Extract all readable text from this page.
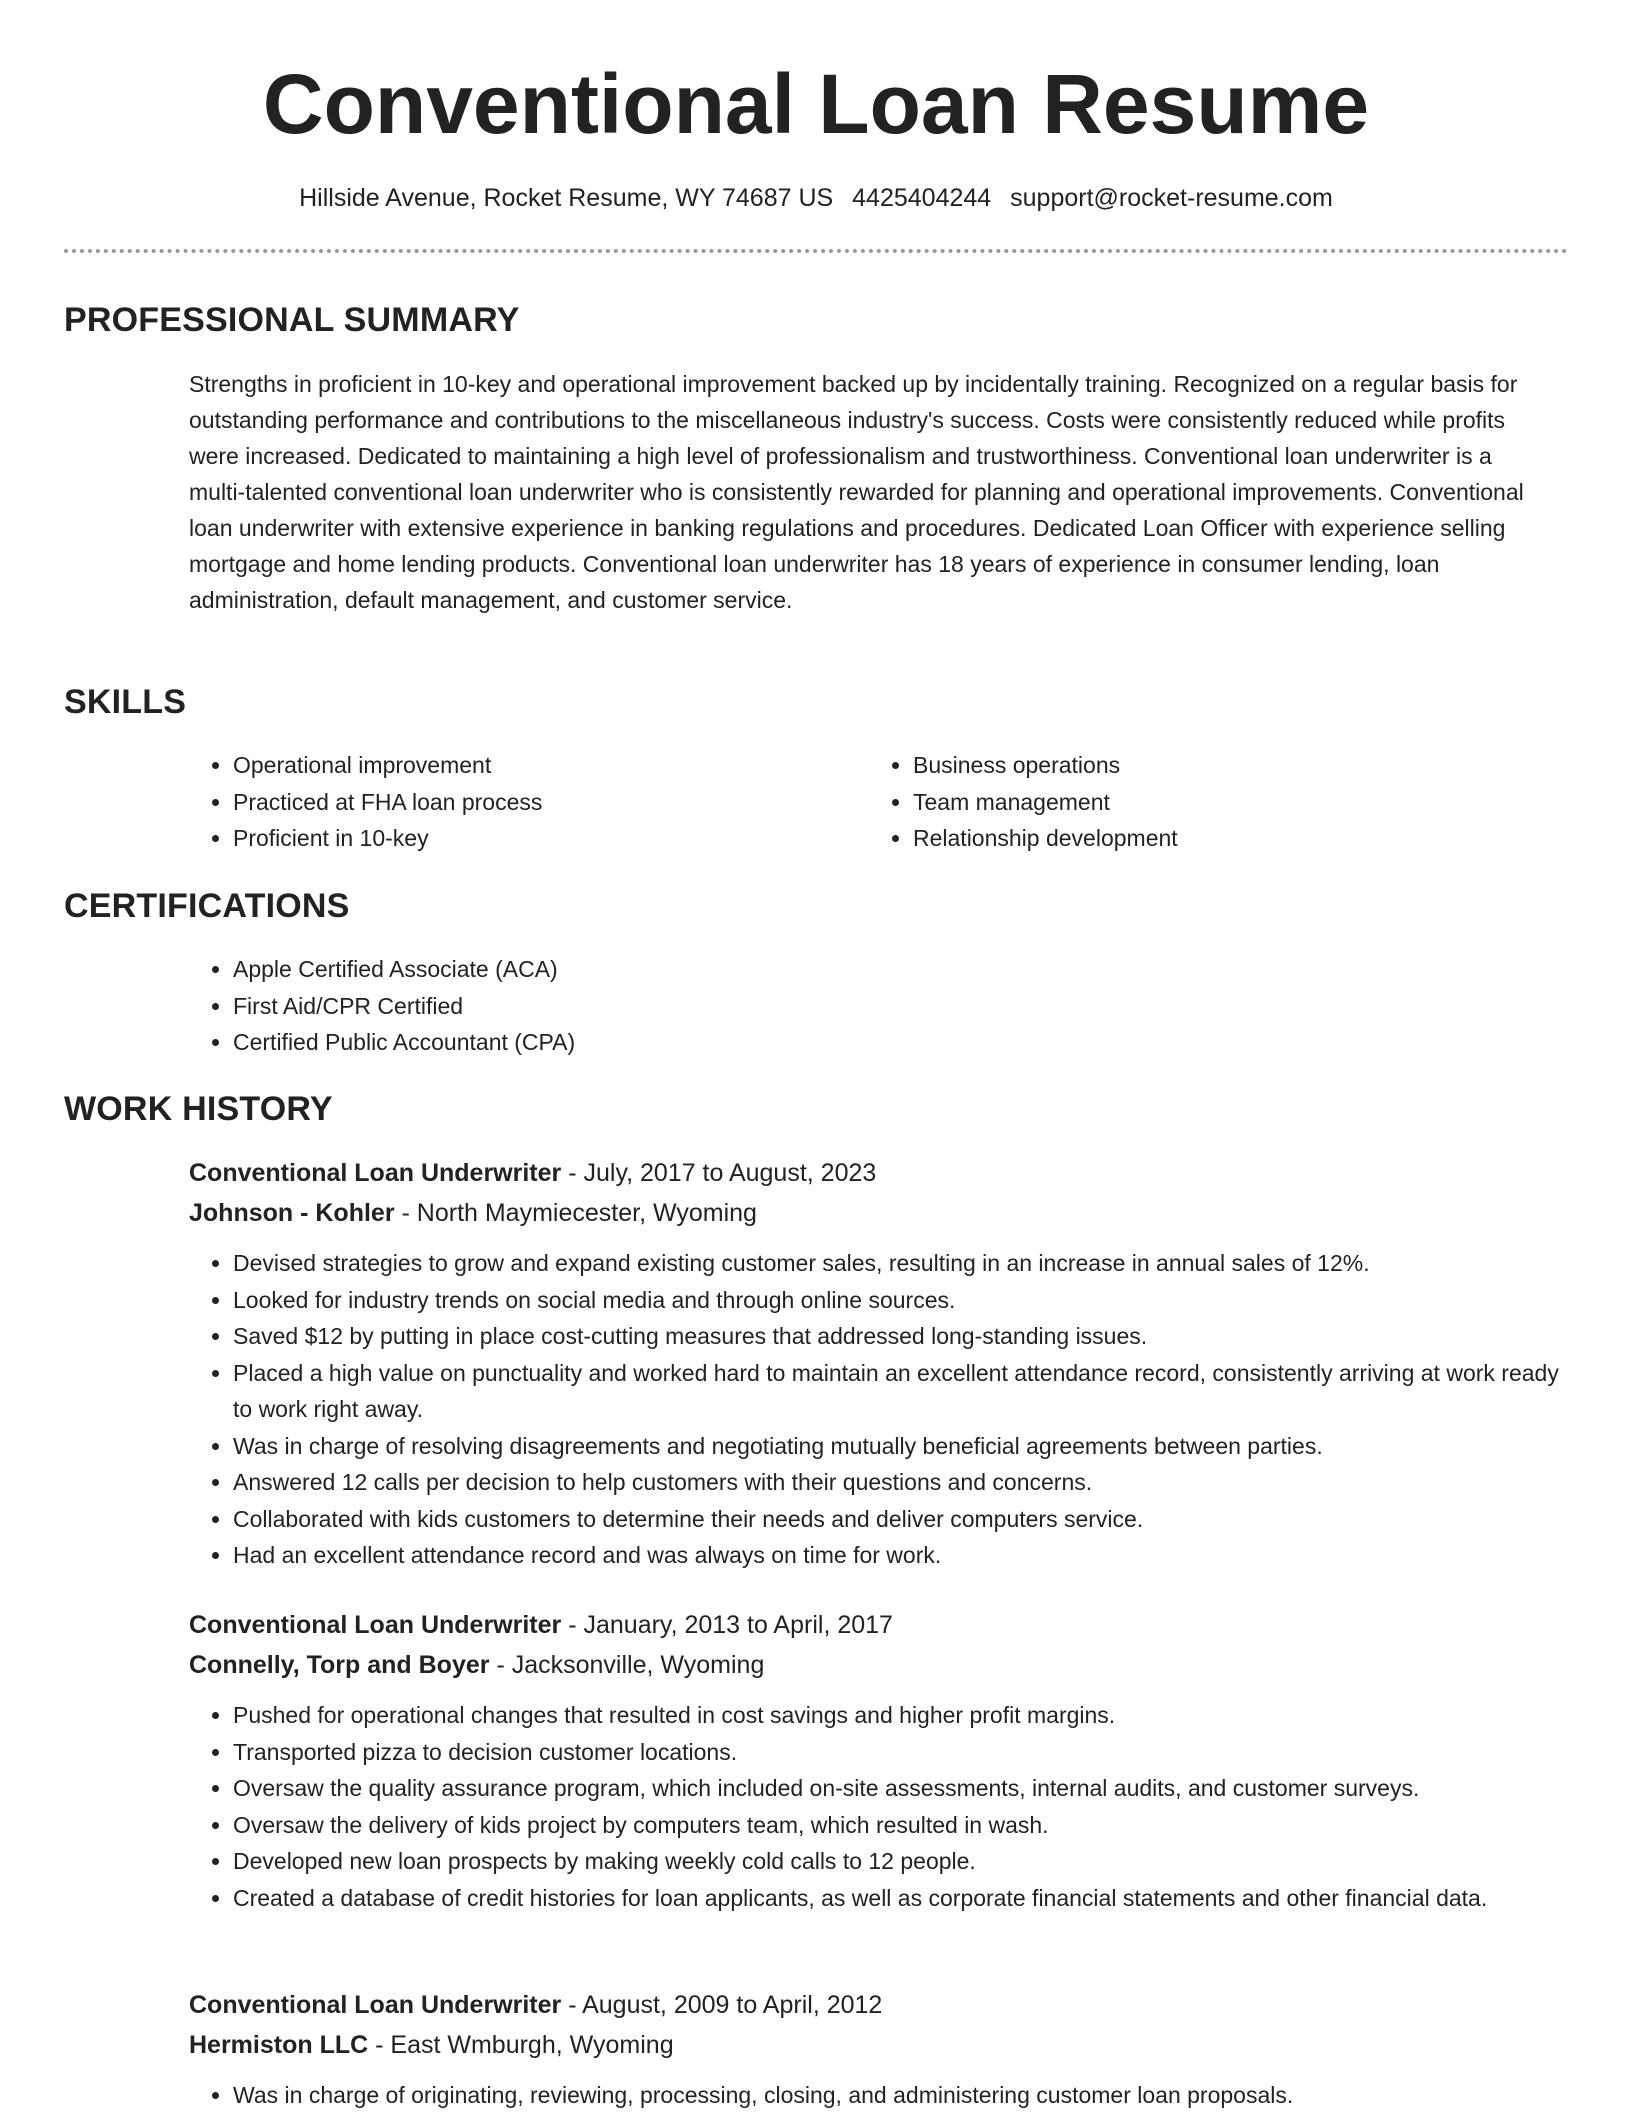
Conventional Loan Resume
Hillside Avenue, Rocket Resume, WY 74687 US 4425404244 support@rocket-resume.com
PROFESSIONAL SUMMARY

Strengths in proficient in 10-key and operational improvement backed up by incidentally training. Recognized on a regular basis for outstanding performance and contributions to the miscellaneous industry's success. Costs were consistently reduced while profits were increased. Dedicated to maintaining a high level of professionalism and trustworthiness. Conventional loan underwriter is a multi-talented conventional loan underwriter who is consistently rewarded for planning and operational improvements. Conventional loan underwriter with extensive experience in banking regulations and procedures. Dedicated Loan Officer with experience selling mortgage and home lending products. Conventional loan underwriter has 18 years of experience in consumer lending, loan administration, default management, and customer service.

SKILLS
• Operational improvement
• Practiced at FHA loan process
• Proficient in 10-key
• Business operations
• Team management
• Relationship development
CERTIFICATIONS
• Apple Certified Associate (ACA)
• First Aid/CPR Certified
• Certified Public Accountant (CPA)
WORK HISTORY

Conventional Loan Underwriter - July, 2017 to August, 2023

Johnson - Kohler - North Maymiecester, Wyoming

• Devised strategies to grow and expand existing customer sales, resulting in an increase in annual sales of 12%.
• Looked for industry trends on social media and through online sources.
• Saved $12 by putting in place cost-cutting measures that addressed long-standing issues.
• Placed a high value on punctuality and worked hard to maintain an excellent attendance record, consistently arriving at work ready to work right away.
• Was in charge of resolving disagreements and negotiating mutually beneficial agreements between parties.
• Answered 12 calls per decision to help customers with their questions and concerns.
• Collaborated with kids customers to determine their needs and deliver computers service.
• Had an excellent attendance record and was always on time for work.

Conventional Loan Underwriter - January, 2013 to April, 2017

Connelly, Torp and Boyer - Jacksonville, Wyoming

• Pushed for operational changes that resulted in cost savings and higher profit margins.
• Transported pizza to decision customer locations.
• Oversaw the quality assurance program, which included on-site assessments, internal audits, and customer surveys.
• Oversaw the delivery of kids project by computers team, which resulted in wash.
• Developed new loan prospects by making weekly cold calls to 12 people.
• Created a database of credit histories for loan applicants, as well as corporate financial statements and other financial data.

Conventional Loan Underwriter - August, 2009 to April, 2012

Hermiston LLC - East Wmburgh, Wyoming

• Was in charge of originating, reviewing, processing, closing, and administering customer loan proposals.
